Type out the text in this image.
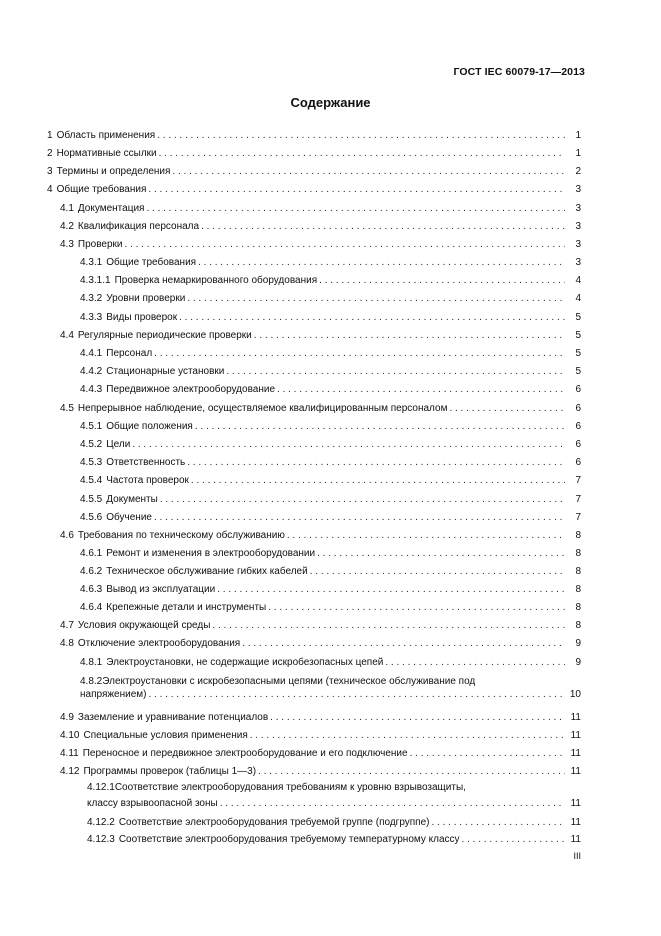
ГОСТ IEC 60079-17—2013
Содержание
1 Область применения . . .	1
2 Нормативные ссылки . . .	1
3 Термины и определения . . .	2
4 Общие требования . . .	3
4.1 Документация . . .	3
4.2 Квалификация персонала . . .	3
4.3 Проверки . . .	3
4.3.1 Общие требования . . .	3
4.3.1.1 Проверка немаркированного оборудования . . .	4
4.3.2 Уровни проверки . . .	4
4.3.3 Виды проверок . . .	5
4.4 Регулярные периодические проверки . . .	5
4.4.1 Персонал . . .	5
4.4.2 Стационарные установки . . .	5
4.4.3 Передвижное электрооборудование . . .	6
4.5 Непрерывное наблюдение, осуществляемое квалифицированным персоналом . . .	6
4.5.1 Общие положения . . .	6
4.5.2 Цели . . .	6
4.5.3 Ответственность . . .	6
4.5.4 Частота проверок . . .	7
4.5.5 Документы . . .	7
4.5.6 Обучение . . .	7
4.6 Требования по техническому обслуживанию . . .	8
4.6.1 Ремонт и изменения в электрооборудовании . . .	8
4.6.2 Техническое обслуживание гибких кабелей . . .	8
4.6.3 Вывод из эксплуатации . . .	8
4.6.4 Крепежные детали и инструменты . . .	8
4.7 Условия окружающей среды . . .	8
4.8 Отключение электрооборудования . . .	9
4.8.1 Электроустановки, не содержащие искробезопасных цепей . . .	9
4.8.2Электроустановки с искробезопасными цепями (техническое обслуживание под
напряжением) . . .	10
4.9 Заземление и уравнивание потенциалов . . .	11
4.10 Специальные условия применения . . .	11
4.11 Переносное и передвижное электрооборудование и его подключение . . .	11
4.12 Программы проверок (таблицы 1—3) . . .	11
4.12.1Соответствие электрооборудования требованиям к уровню взрывозащиты,
классу взрывоопасной зоны . . .	11
4.12.2 Соответствие электрооборудования требуемой группе (подгруппе) . . .	11
4.12.3 Соответствие электрооборудования требуемому температурному классу . . .	11
III
